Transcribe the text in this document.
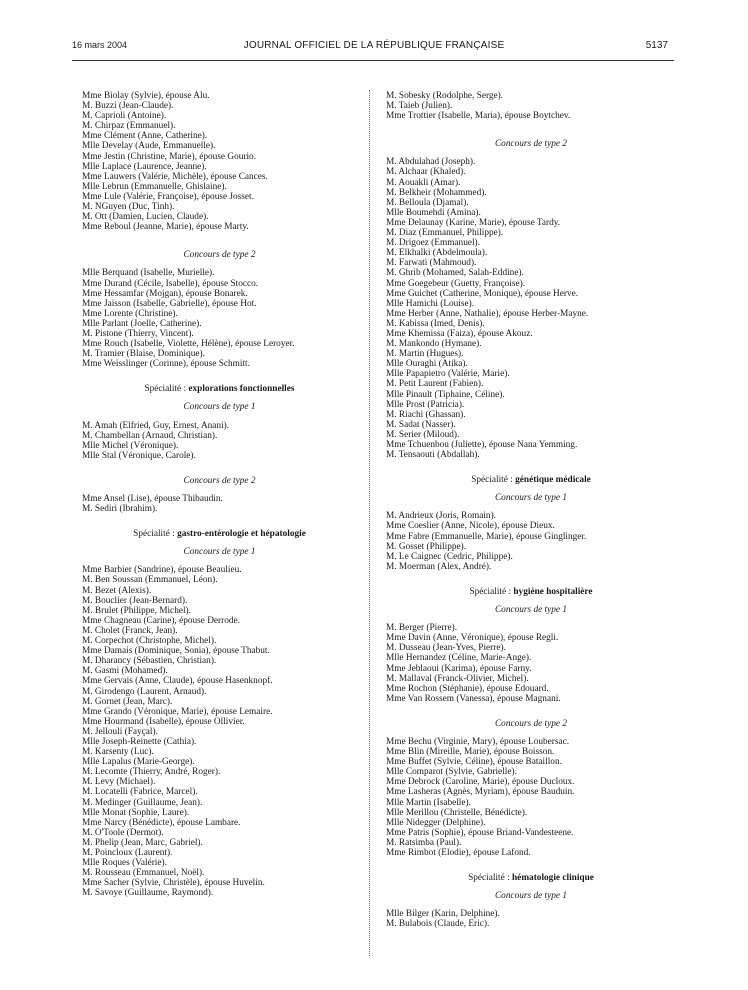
16 mars 2004	JOURNAL OFFICIEL DE LA RÉPUBLIQUE FRANÇAISE	5137
Mme Biolay (Sylvie), épouse Alu.
M. Buzzi (Jean-Claude).
M. Caprioli (Antoine).
M. Chirpaz (Emmanuel).
Mme Clément (Anne, Catherine).
Mlle Develay (Aude, Emmanuelle).
Mme Jestin (Christine, Marie), épouse Gourio.
Mlle Laplace (Laurence, Jeanne).
Mme Lauwers (Valérie, Michèle), épouse Cances.
Mlle Lebrun (Emmanuelle, Ghislaine).
Mme Lule (Valérie, Françoise), épouse Josset.
M. NGuyen (Duc, Tinh).
M. Ott (Damien, Lucien, Claude).
Mme Reboul (Jeanne, Marie), épouse Marty.
Concours de type 2
Mlle Berquand (Isabelle, Murielle).
Mme Durand (Cécile, Isabelle), épouse Stocco.
Mme Hessamfar (Mojgan), épouse Bonarek.
Mme Jaisson (Isabelle, Gabrielle), épouse Hot.
Mme Lorente (Christine).
Mlle Parlant (Joelle, Catherine).
M. Pistone (Thierry, Vincent).
Mme Rouch (Isabelle, Violette, Hélène), épouse Leroyer.
M. Tramier (Blaise, Dominique).
Mme Weisslinger (Corinne), épouse Schmitt.
Spécialité : explorations fonctionnelles
Concours de type 1
M. Amah (Elfried, Guy, Ernest, Anani).
M. Chambellan (Arnaud, Christian).
Mlle Michel (Véronique).
Mlle Stal (Véronique, Carole).
Concours de type 2
Mme Ansel (Lise), épouse Thibaudin.
M. Sediri (Ibrahim).
Spécialité : gastro-entérologie et hépatologie
Concours de type 1
Mme Barbier (Sandrine), épouse Beaulieu.
M. Ben Soussan (Emmanuel, Léon).
M. Bezet (Alexis).
M. Bouclier (Jean-Bernard).
M. Brulet (Philippe, Michel).
Mme Chagneau (Carine), épouse Derrode.
M. Cholet (Franck, Jean).
M. Corpechot (Christophe, Michel).
Mme Damais (Dominique, Sonia), épouse Thabut.
M. Dharancy (Sébastien, Christian).
M. Gasmi (Mohamed).
Mme Gervais (Anne, Claude), épouse Hasenknopf.
M. Girodengo (Laurent, Arnaud).
M. Gornet (Jean, Marc).
Mme Grando (Véronique, Marie), épouse Lemaire.
Mme Hourmand (Isabelle), épouse Ollivier.
M. Jellouli (Fayçal).
Mlle Joseph-Reinette (Cathia).
M. Karsenty (Luc).
Mlle Lapalus (Marie-George).
M. Lecomte (Thierry, André, Roger).
M. Levy (Michael).
M. Locatelli (Fabrice, Marcel).
M. Medinger (Guillaume, Jean).
Mlle Monat (Sophie, Laure).
Mme Narcy (Bénédicte), épouse Lambare.
M. O'Toole (Dermot).
M. Phelip (Jean, Marc, Gabriel).
M. Poincloux (Laurent).
Mlle Roques (Valérie).
M. Rousseau (Emmanuel, Noël).
Mme Sacher (Sylvie, Christèle), épouse Huvelin.
M. Savoye (Guillaume, Raymond).
M. Sobesky (Rodolphe, Serge).
M. Taieb (Julien).
Mme Trottier (Isabelle, Maria), épouse Boytchev.
Concours de type 2
M. Abdulahad (Joseph).
M. Alchaar (Khaled).
M. Aouakli (Amar).
M. Belkheir (Mohammed).
M. Belloula (Djamal).
Mlle Boumehdi (Amina).
Mme Delaunay (Karine, Marie), épouse Tardy.
M. Diaz (Emmanuel, Philippe).
M. Drigoez (Emmanuel).
M. Elkhalki (Abdelmoula).
M. Farwati (Mahmoud).
M. Ghrib (Mohamed, Salah-Eddine).
Mme Goegebeur (Guetty, Françoise).
Mme Guichet (Catherine, Monique), épouse Herve.
Mlle Hamichi (Louise).
Mme Herber (Anne, Nathalie), épouse Herber-Mayne.
M. Kabissa (Imed, Denis).
Mme Khemissa (Faiza), épouse Akouz.
M. Mankondo (Hymane).
M. Martin (Hugues).
Mlle Ouraghi (Atika).
Mlle Papapietro (Valérie, Marie).
M. Petit Laurent (Fabien).
Mlle Pinault (Tiphaine, Céline).
Mlle Prost (Patricia).
M. Riachi (Ghassan).
M. Sadat (Nasser).
M. Serier (Miloud).
Mme Tchuenbou (Juliette), épouse Nana Yemming.
M. Tensaouti (Abdallah).
Spécialité : génétique médicale
Concours de type 1
M. Andrieux (Joris, Romain).
Mme Coeslier (Anne, Nicole), épouse Dieux.
Mme Fabre (Emmanuelle, Marie), épouse Ginglinger.
M. Gosset (Philippe).
M. Le Caignec (Cedric, Philippe).
M. Moerman (Alex, André).
Spécialité : hygiène hospitalière
Concours de type 1
M. Berger (Pierre).
Mme Davin (Anne, Véronique), épouse Regli.
M. Dusseau (Jean-Yves, Pierre).
Mlle Hernandez (Céline, Marie-Ange).
Mme Jeblaoui (Karima), épouse Farny.
M. Mallaval (Franck-Olivier, Michel).
Mme Rochon (Stéphanie), épouse Edouard.
Mme Van Rossem (Vanessa), épouse Magnani.
Concours de type 2
Mme Bechu (Virginie, Mary), épouse Loubersac.
Mme Blin (Mireille, Marie), épouse Boisson.
Mme Buffet (Sylvie, Céline), épouse Bataillon.
Mlle Comparot (Sylvie, Gabrielle).
Mme Debrock (Caroline, Marie), épouse Ducloux.
Mme Lasheras (Agnès, Myriam), épouse Bauduin.
Mlle Martin (Isabelle).
Mlle Merillou (Christelle, Bénédicte).
Mlle Nidegger (Delphine).
Mme Patris (Sophie), épouse Briand-Vandesteene.
M. Ratsimba (Paul).
Mme Rimbot (Elodie), épouse Lafond.
Spécialité : hématologie clinique
Concours de type 1
Mlle Bilger (Karin, Delphine).
M. Bulabois (Claude, Eric).
